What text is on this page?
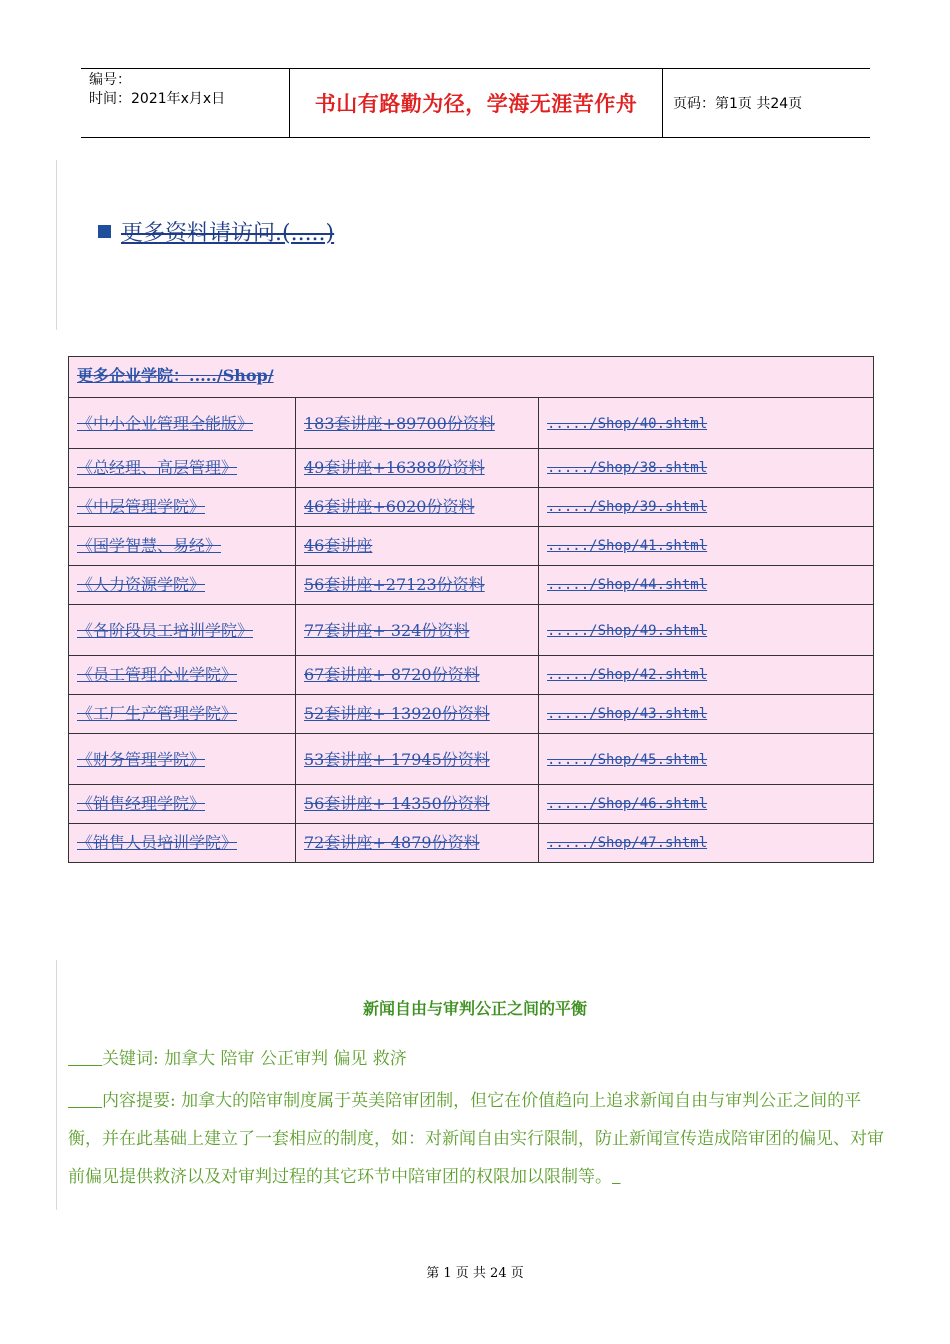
编号：
时间：2021年x月x日	书山有路勤为径，学海无涯苦作舟	页码：第1页 共24页
更多资料请访问.(.....)
更多企业学院：...../Shop/		
《中小企业管理全能版》	183套讲座+89700份资料	...../Shop/40.shtml
《总经理、高层管理》	49套讲座+16388份资料	...../Shop/38.shtml
《中层管理学院》	46套讲座+6020份资料	...../Shop/39.shtml
《国学智慧、易经》	46套讲座	...../Shop/41.shtml
《人力资源学院》	56套讲座+27123份资料	...../Shop/44.shtml
《各阶段员工培训学院》	77套讲座+ 324份资料	...../Shop/49.shtml
《员工管理企业学院》	67套讲座+ 8720份资料	...../Shop/42.shtml
《工厂生产管理学院》	52套讲座+ 13920份资料	...../Shop/43.shtml
《财务管理学院》	53套讲座+ 17945份资料	...../Shop/45.shtml
《销售经理学院》	56套讲座+ 14350份资料	...../Shop/46.shtml
《销售人员培训学院》	72套讲座+ 4879份资料	...../Shop/47.shtml
新闻自由与审判公正之间的平衡
  关键词: 加拿大 陪审 公正审判 偏见 救济
  内容提要: 加拿大的陪审制度属于英美陪审团制，但它在价值趋向上追求新闻自由与审判公正之间的平衡，并在此基础上建立了一套相应的制度，如：对新闻自由实行限制，防止新闻宣传造成陪审团的偏见、对审前偏见提供救济以及对审判过程的其它环节中陪审团的权限加以限制等。 
第 1 页 共 24 页
